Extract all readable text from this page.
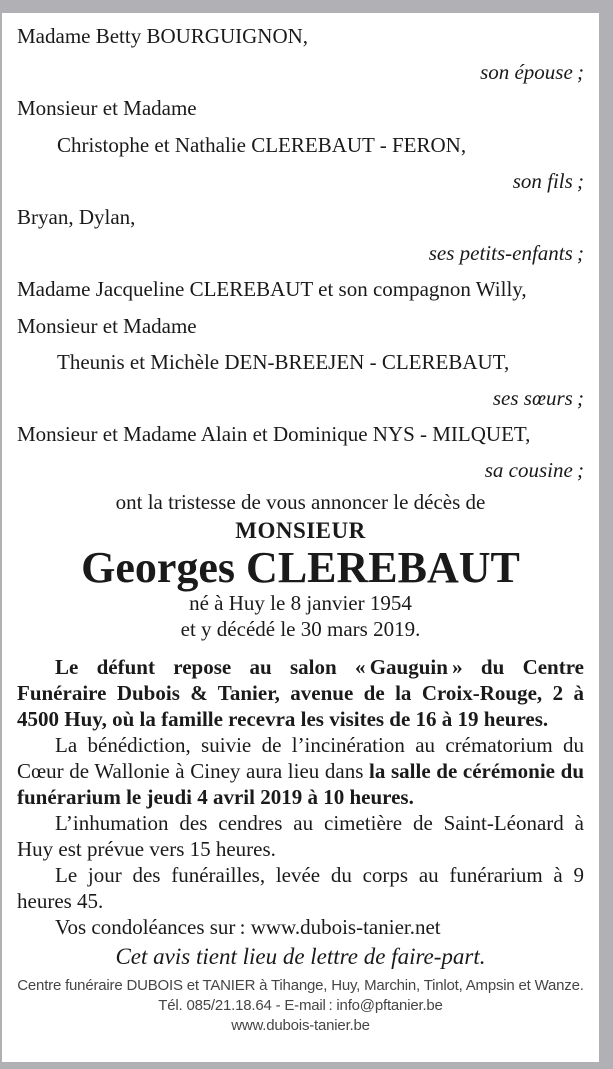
Madame Betty BOURGUIGNON,
son épouse ;
Monsieur et Madame
Christophe et Nathalie CLEREBAUT - FERON,
son fils ;
Bryan, Dylan,
ses petits-enfants ;
Madame Jacqueline CLEREBAUT et son compagnon Willy,
Monsieur et Madame
Theunis et Michèle DEN-BREEJEN - CLEREBAUT,
ses sœurs ;
Monsieur et Madame Alain et Dominique NYS - MILQUET,
sa cousine ;
ont la tristesse de vous annoncer le décès de
MONSIEUR
Georges CLEREBAUT
né à Huy le 8 janvier 1954
et y décédé le 30 mars 2019.

Le défunt repose au salon « Gauguin » du Centre Funéraire Dubois & Tanier, avenue de la Croix-Rouge, 2 à 4500 Huy, où la famille recevra les visites de 16 à 19 heures.

La bénédiction, suivie de l’incinération au crématorium du Cœur de Wallonie à Ciney aura lieu dans la salle de cérémonie du funérarium le jeudi 4 avril 2019 à 10 heures.

L’inhumation des cendres au cimetière de Saint-Léonard à Huy est prévue vers 15 heures.

Le jour des funérailles, levée du corps au funérarium à 9 heures 45.

Vos condoléances sur : www.dubois-tanier.net
Cet avis tient lieu de lettre de faire-part.
Centre funéraire DUBOIS et TANIER à Tihange, Huy, Marchin, Tinlot, Ampsin et Wanze.
Tél. 085/21.18.64 - E-mail : info@pftanier.be
www.dubois-tanier.be
